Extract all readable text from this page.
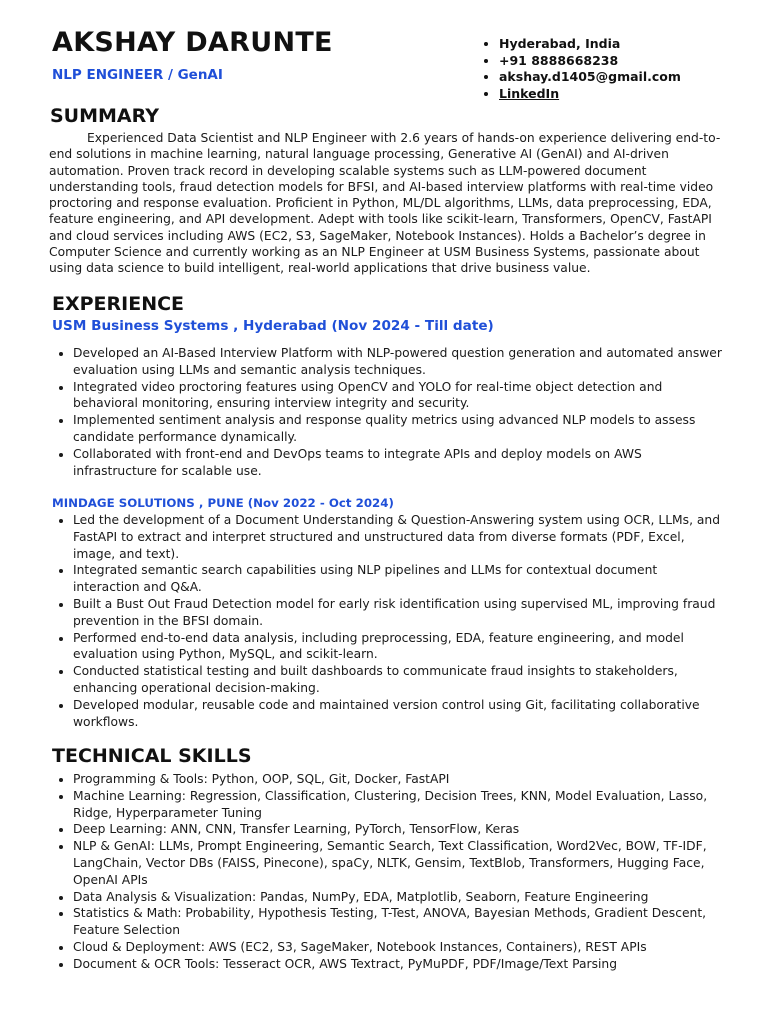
AKSHAY DARUNTE
NLP ENGINEER / GenAI
• Hyderabad, India
• +91 8888668238
• akshay.d1405@gmail.com
• LinkedIn
SUMMARY

Experienced Data Scientist and NLP Engineer with 2.6 years of hands-on experience delivering end-to-end solutions in machine learning, natural language processing, Generative AI (GenAI) and AI-driven automation. Proven track record in developing scalable systems such as LLM-powered document understanding tools, fraud detection models for BFSI, and AI-based interview platforms with real-time video proctoring and response evaluation. Proficient in Python, ML/DL algorithms, LLMs, data preprocessing, EDA, feature engineering, and API development. Adept with tools like scikit-learn, Transformers, OpenCV, FastAPI and cloud services including AWS (EC2, S3, SageMaker, Notebook Instances). Holds a Bachelor’s degree in Computer Science and currently working as an NLP Engineer at USM Business Systems, passionate about using data science to build intelligent, real-world applications that drive business value.

EXPERIENCE
USM Business Systems , Hyderabad (Nov 2024 - Till date)
• Developed an AI-Based Interview Platform with NLP-powered question generation and automated answer evaluation using LLMs and semantic analysis techniques.
• Integrated video proctoring features using OpenCV and YOLO for real-time object detection and behavioral monitoring, ensuring interview integrity and security.
• Implemented sentiment analysis and response quality metrics using advanced NLP models to assess candidate performance dynamically.
• Collaborated with front-end and DevOps teams to integrate APIs and deploy models on AWS infrastructure for scalable use.
MINDAGE SOLUTIONS , PUNE (Nov 2022 - Oct 2024)
• Led the development of a Document Understanding & Question-Answering system using OCR, LLMs, and FastAPI to extract and interpret structured and unstructured data from diverse formats (PDF, Excel, image, and text).
• Integrated semantic search capabilities using NLP pipelines and LLMs for contextual document interaction and Q&A.
• Built a Bust Out Fraud Detection model for early risk identification using supervised ML, improving fraud prevention in the BFSI domain.
• Performed end-to-end data analysis, including preprocessing, EDA, feature engineering, and model evaluation using Python, MySQL, and scikit-learn.
• Conducted statistical testing and built dashboards to communicate fraud insights to stakeholders, enhancing operational decision-making.
• Developed modular, reusable code and maintained version control using Git, facilitating collaborative workflows.
TECHNICAL SKILLS
• Programming & Tools: Python, OOP, SQL, Git, Docker, FastAPI
• Machine Learning: Regression, Classification, Clustering, Decision Trees, KNN, Model Evaluation, Lasso, Ridge, Hyperparameter Tuning
• Deep Learning: ANN, CNN, Transfer Learning, PyTorch, TensorFlow, Keras
• NLP & GenAI: LLMs, Prompt Engineering, Semantic Search, Text Classification, Word2Vec, BOW, TF-IDF, LangChain, Vector DBs (FAISS, Pinecone), spaCy, NLTK, Gensim, TextBlob, Transformers, Hugging Face, OpenAI APIs
• Data Analysis & Visualization: Pandas, NumPy, EDA, Matplotlib, Seaborn, Feature Engineering
• Statistics & Math: Probability, Hypothesis Testing, T-Test, ANOVA, Bayesian Methods, Gradient Descent, Feature Selection
• Cloud & Deployment: AWS (EC2, S3, SageMaker, Notebook Instances, Containers), REST APIs
• Document & OCR Tools: Tesseract OCR, AWS Textract, PyMuPDF, PDF/Image/Text Parsing
